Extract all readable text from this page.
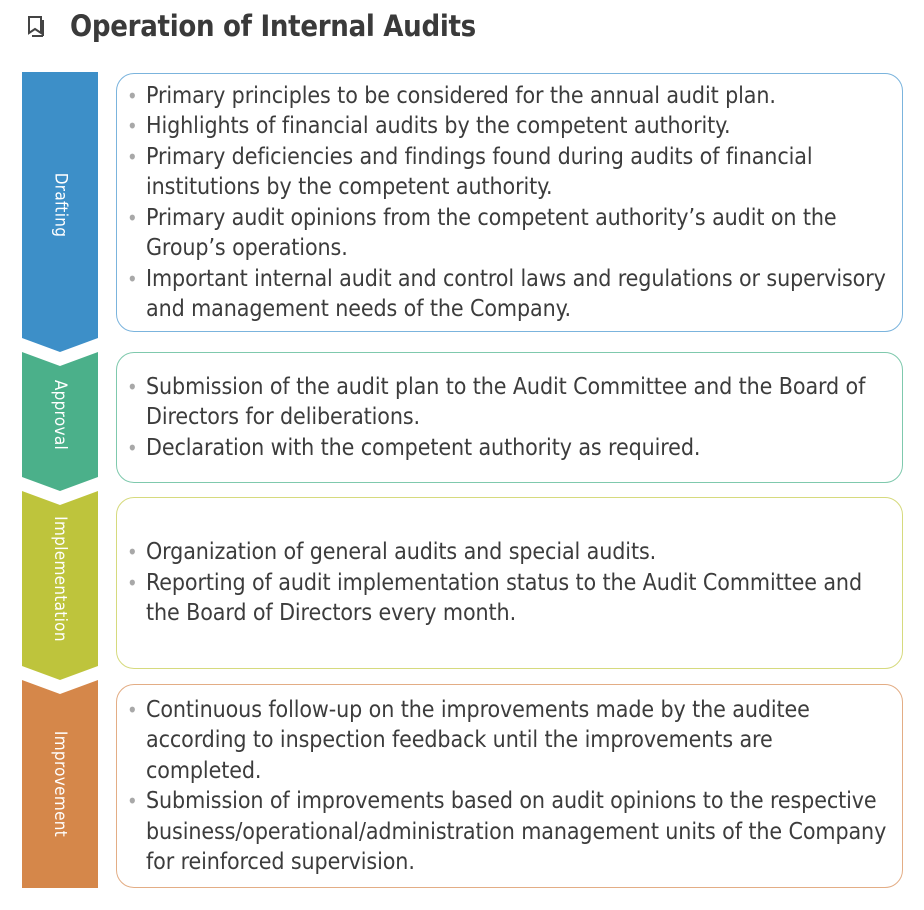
Operation of Internal Audits
Drafting
Approval
Implementation
Improvement
• Primary principles to be considered for the annual audit plan.
• Highlights of financial audits by the competent authority.
• Primary deficiencies and findings found during audits of financial institutions by the competent authority.
• Primary audit opinions from the competent authority’s audit on the Group’s operations.
• Important internal audit and control laws and regulations or supervisory and management needs of the Company.
• Submission of the audit plan to the Audit Committee and the Board of Directors for deliberations.
• Declaration with the competent authority as required.
• Organization of general audits and special audits.
• Reporting of audit implementation status to the Audit Committee and the Board of Directors every month.
• Continuous follow-up on the improvements made by the auditee according to inspection feedback until the improvements are completed.
• Submission of improvements based on audit opinions to the respective business/operational/administration management units of the Company for reinforced supervision.
